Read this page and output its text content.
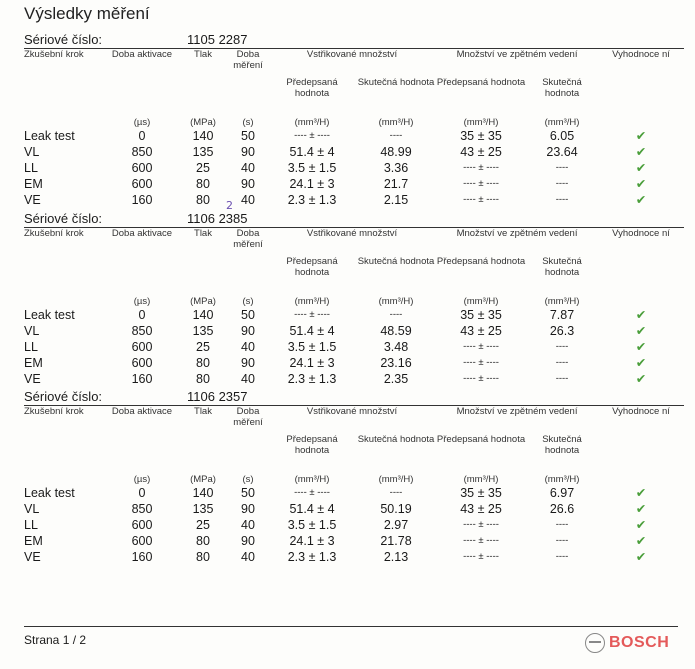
Výsledky měření
Sériové číslo:	1105 2287
Zkušební krok	Doba aktivace	Tlak	Doba měření	Vstřikované množství		Množství ve zpětném vedení		Vyhodnoce ní
				Předepsaná hodnota	Skutečná hodnota	Předepsaná hodnota	Skutečná hodnota	
	(µs)	(MPa)	(s)	(mm³/H)	(mm³/H)	(mm³/H)	(mm³/H)	
Leak test	0	140	50	---- ± ----	----	35 ± 35	6.05	✔
VL	850	135	90	51.4 ± 4	48.99	43 ± 25	23.64	✔
LL	600	25	40	3.5 ± 1.5	3.36	---- ± ----	----	✔
EM	600	80	90	24.1 ± 3	21.7	---- ± ----	----	✔
VE	160	80	40	2.3 ± 1.3	2.15	---- ± ----	----	✔
Sériové číslo:	1106 2385
2
Zkušební krok	Doba aktivace	Tlak	Doba měření	Vstřikované množství		Množství ve zpětném vedení		Vyhodnoce ní
				Předepsaná hodnota	Skutečná hodnota	Předepsaná hodnota	Skutečná hodnota	
	(µs)	(MPa)	(s)	(mm³/H)	(mm³/H)	(mm³/H)	(mm³/H)	
Leak test	0	140	50	---- ± ----	----	35 ± 35	7.87	✔
VL	850	135	90	51.4 ± 4	48.59	43 ± 25	26.3	✔
LL	600	25	40	3.5 ± 1.5	3.48	---- ± ----	----	✔
EM	600	80	90	24.1 ± 3	23.16	---- ± ----	----	✔
VE	160	80	40	2.3 ± 1.3	2.35	---- ± ----	----	✔
Sériové číslo:	1106 2357
Zkušební krok	Doba aktivace	Tlak	Doba měření	Vstřikované množství		Množství ve zpětném vedení		Vyhodnoce ní
				Předepsaná hodnota	Skutečná hodnota	Předepsaná hodnota	Skutečná hodnota	
	(µs)	(MPa)	(s)	(mm³/H)	(mm³/H)	(mm³/H)	(mm³/H)	
Leak test	0	140	50	---- ± ----	----	35 ± 35	6.97	✔
VL	850	135	90	51.4 ± 4	50.19	43 ± 25	26.6	✔
LL	600	25	40	3.5 ± 1.5	2.97	---- ± ----	----	✔
EM	600	80	90	24.1 ± 3	21.78	---- ± ----	----	✔
VE	160	80	40	2.3 ± 1.3	2.13	---- ± ----	----	✔
Strana 1 / 2	BOSCH
